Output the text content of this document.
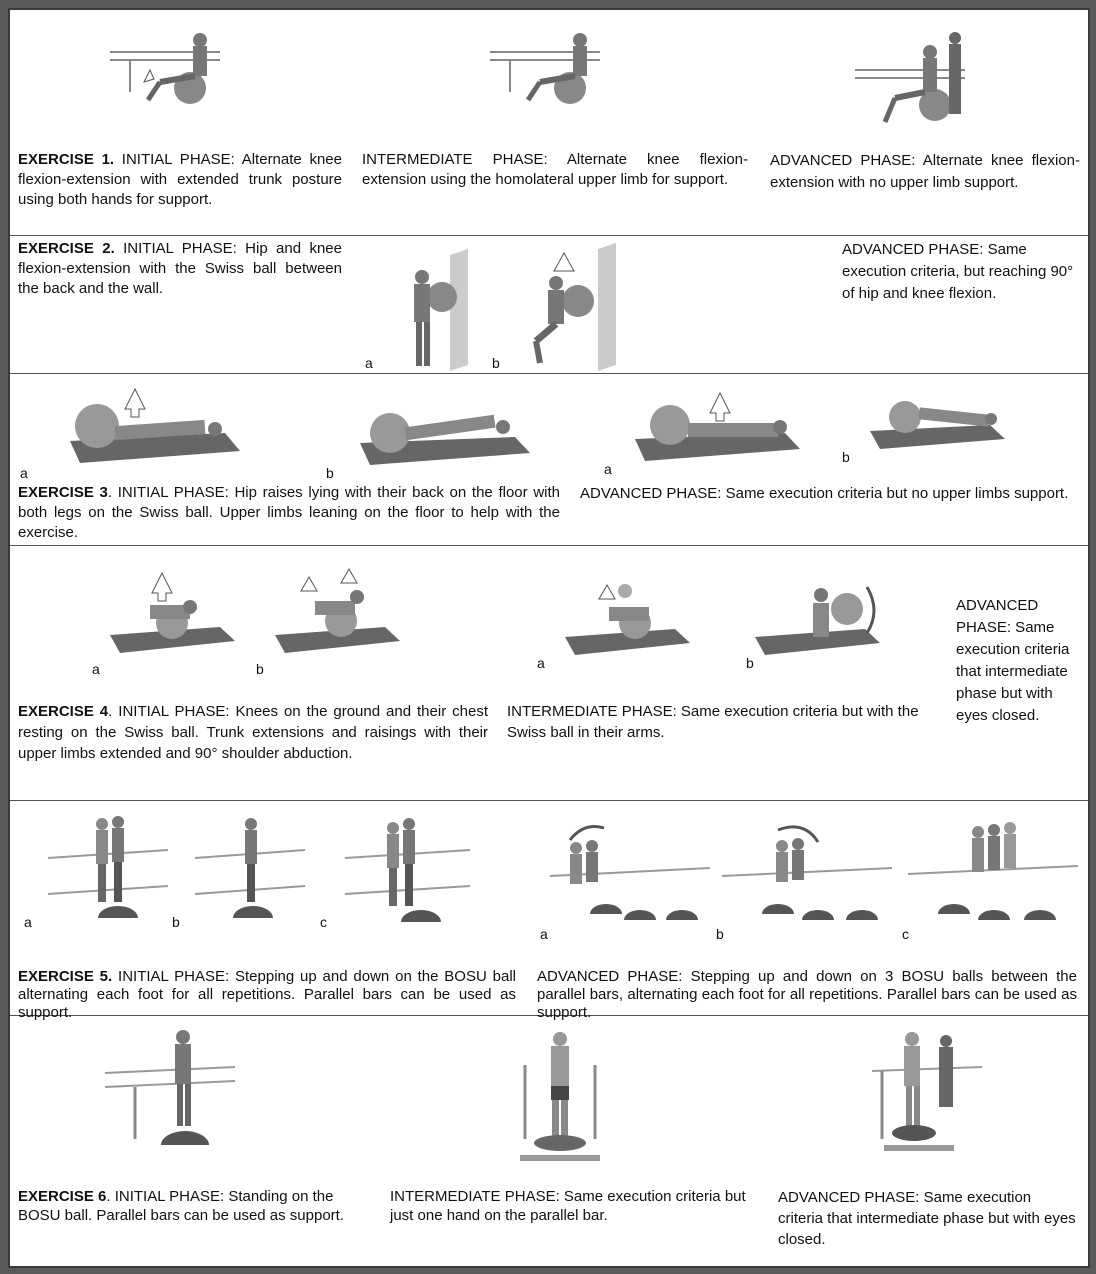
EXERCISE 1. INITIAL PHASE: Alternate knee flexion-extension with extended trunk posture using both hands for support.
INTERMEDIATE PHASE: Alternate knee flexion-extension using the homolateral upper limb for support.
ADVANCED PHASE: Alternate knee flexion-extension with no upper limb support.
EXERCISE 2. INITIAL PHASE: Hip and knee flexion-extension with the Swiss ball between the back and the wall.
a	b
ADVANCED PHASE: Same execution criteria, but reaching 90° of hip and knee flexion.
a	b	a
b
EXERCISE 3. INITIAL PHASE: Hip raises lying with their back on the floor with both legs on the Swiss ball. Upper limbs leaning on the floor to help with the exercise.
ADVANCED PHASE: Same execution criteria but no upper limbs support.
a	b	a	b
EXERCISE 4. INITIAL PHASE: Knees on the ground and their chest resting on the Swiss ball. Trunk extensions and raisings with their upper limbs extended and 90° shoulder abduction.
INTERMEDIATE PHASE: Same execution criteria but with the Swiss ball in their arms.
ADVANCED PHASE: Same execution criteria that intermediate phase but with eyes closed.
a	b	c
a	b	c
EXERCISE 5. INITIAL PHASE: Stepping up and down on the BOSU ball alternating each foot for all repetitions. Parallel bars can be used as support.
ADVANCED PHASE: Stepping up and down on 3 BOSU balls between the parallel bars, alternating each foot for all repetitions. Parallel bars can be used as support.
EXERCISE 6. INITIAL PHASE: Standing on the BOSU ball. Parallel bars can be used as support.
INTERMEDIATE PHASE: Same execution criteria but just one hand on the parallel bar.
ADVANCED PHASE: Same execution criteria that intermediate phase but with eyes closed.
